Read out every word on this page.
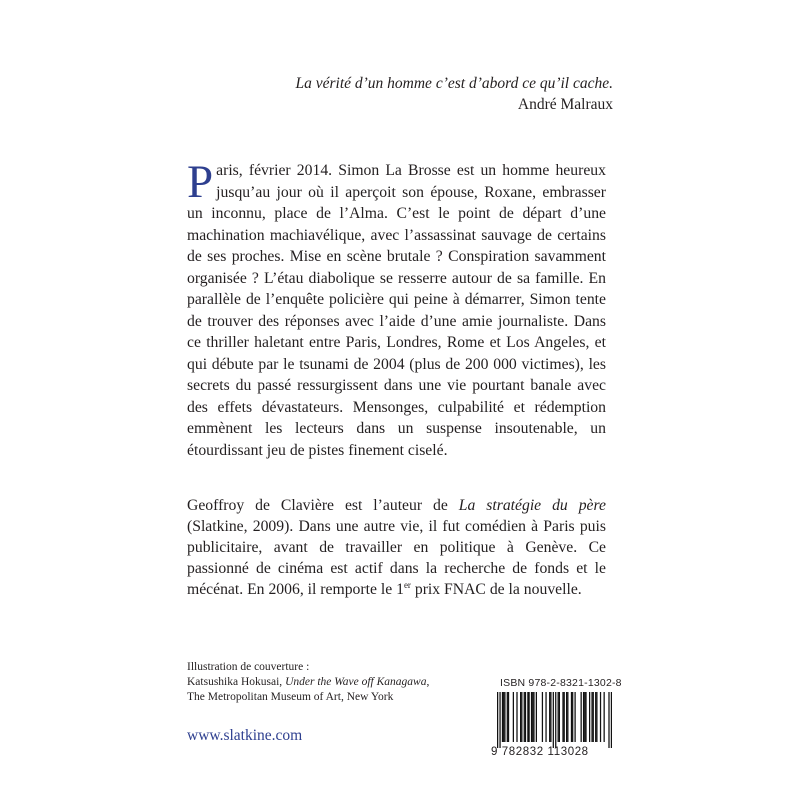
La vérité d’un homme c’est d’abord ce qu’il cache.
André Malraux

Paris, février 2014. Simon La Brosse est un homme heureux jusqu’au jour où il aperçoit son épouse, Roxane, embrasser un inconnu, place de l’Alma. C’est le point de départ d’une machination machiavélique, avec l’assassinat sauvage de certains de ses proches. Mise en scène brutale ? Conspiration savamment organisée ? L’étau diabolique se resserre autour de sa famille. En parallèle de l’enquête policière qui peine à démarrer, Simon tente de trouver des réponses avec l’aide d’une amie journaliste. Dans ce thriller haletant entre Paris, Londres, Rome et Los Angeles, et qui débute par le tsunami de 2004 (plus de 200 000 victimes), les secrets du passé ressurgissent dans une vie pourtant banale avec des effets dévastateurs. Mensonges, culpabilité et rédemption emmènent les lecteurs dans un suspense insoutenable, un étourdissant jeu de pistes finement ciselé.

Geoffroy de Clavière est l’auteur de La stratégie du père (Slatkine, 2009). Dans une autre vie, il fut comédien à Paris puis publicitaire, avant de travailler en politique à Genève. Ce passionné de cinéma est actif dans la recherche de fonds et le mécénat. En 2006, il remporte le 1er prix FNAC de la nouvelle.

Illustration de couverture :
Katsushika Hokusai, Under the Wave off Kanagawa,
The Metropolitan Museum of Art, New York
www.slatkine.com
ISBN 978-2-8321-1302-8
9 782832 113028
